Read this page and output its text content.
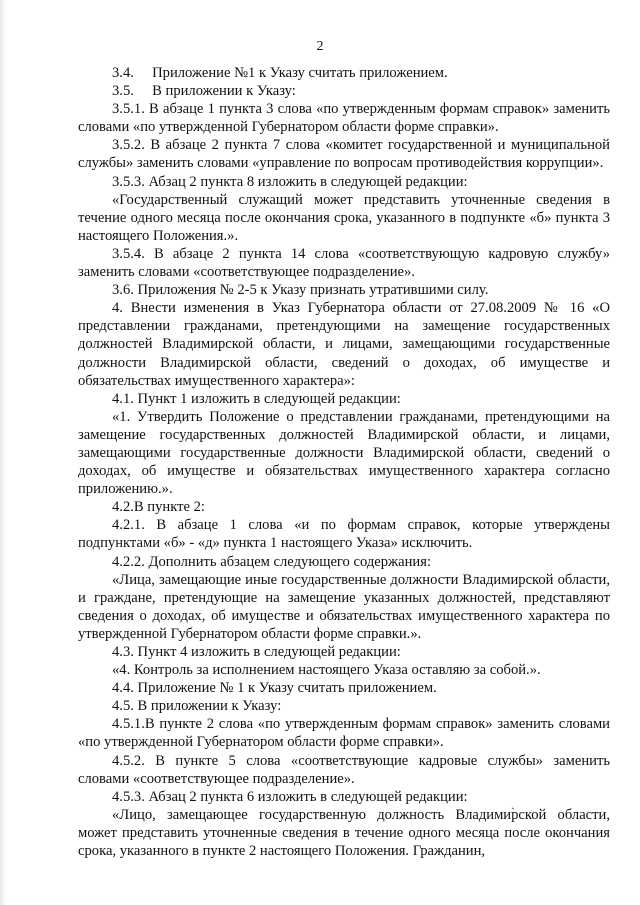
2

3.4.     Приложение №1 к Указу считать приложением.

3.5.     В приложении к Указу:

3.5.1. В абзаце 1 пункта 3 слова «по утвержденным формам справок» заменить словами «по утвержденной Губернатором области форме справки».

3.5.2. В абзаце 2 пункта 7 слова «комитет государственной и муниципальной службы» заменить словами «управление по вопросам противодействия коррупции».

3.5.3. Абзац 2 пункта 8 изложить в следующей редакции:

«Государственный служащий может представить уточненные сведения в течение одного месяца после окончания срока, указанного в подпункте «б» пункта 3 настоящего Положения.».

3.5.4. В абзаце 2 пункта 14 слова «соответствующую кадровую службу» заменить словами «соответствующее подразделение».

3.6. Приложения № 2-5 к Указу признать утратившими силу.

4. Внести изменения в Указ Губернатора области от 27.08.2009 № 16 «О представлении гражданами, претендующими на замещение государственных должностей Владимирской области, и лицами, замещающими государственные должности Владимирской области, сведений о доходах, об имуществе и обязательствах имущественного характера»:

4.1. Пункт 1 изложить в следующей редакции:

«1. Утвердить Положение о представлении гражданами, претендующими на замещение государственных должностей Владимирской области, и лицами, замещающими государственные должности Владимирской области, сведений о доходах, об имуществе и обязательствах имущественного характера согласно приложению.».

4.2.В пункте 2:

4.2.1. В абзаце 1 слова «и по формам справок, которые утверждены подпунктами «б» - «д» пункта 1 настоящего Указа» исключить.

4.2.2. Дополнить абзацем следующего содержания:

«Лица, замещающие иные государственные должности Владимирской области, и граждане, претендующие на замещение указанных должностей, представляют сведения о доходах, об имуществе и обязательствах имущественного характера по утвержденной Губернатором области форме справки.».

4.3. Пункт 4 изложить в следующей редакции:

«4. Контроль за исполнением настоящего Указа оставляю за собой.».

4.4. Приложение № 1 к Указу считать приложением.

4.5. В приложении к Указу:

4.5.1.В пункте 2 слова «по утвержденным формам справок» заменить словами «по утвержденной Губернатором области форме справки».

4.5.2. В пункте 5 слова «соответствующие кадровые службы» заменить словами «соответствующее подразделение».

4.5.3. Абзац 2 пункта 6 изложить в следующей редакции:

«Лицо, замещающее государственную должность Владимирской области, может представить уточненные сведения в течение одного месяца после окончания срока, указанного в пункте 2 настоящего Положения. Гражданин,

ˎ
